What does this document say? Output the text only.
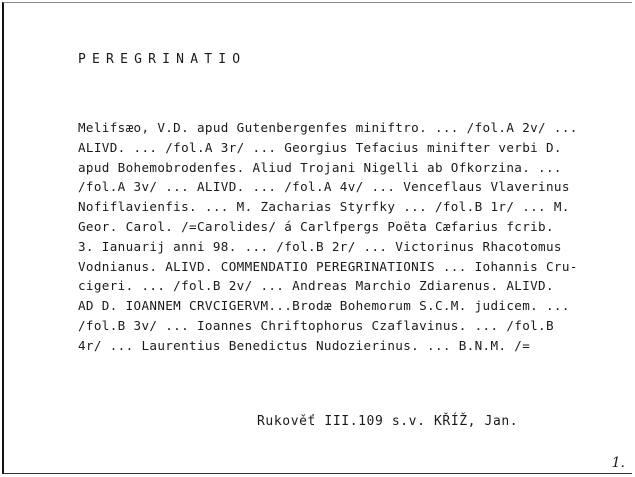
PEREGRINATIO
Melifsæo, V.D. apud Gutenbergenfes miniftro. ... /fol.A 2v/ ...
ALIVD. ... /fol.A 3r/ ... Georgius Tefacius minifter verbi D.
apud Bohemobrodenfes. Aliud Trojani Nigelli ab Ofkorzina. ...
/fol.A 3v/ ... ALIVD. ... /fol.A 4v/ ... Venceflaus Vlaverinus
Nofiflavienfis. ... M. Zacharias Styrfky ... /fol.B 1r/ ... M.
Geor. Carol. /=Carolides/ á Carlfpergs Poëta Cæfarius fcrib.
3. Ianuarij anni 98. ... /fol.B 2r/ ... Victorinus Rhacotomus
Vodnianus. ALIVD. COMMENDATIO PEREGRINATIONIS ... Iohannis Cru-
cigeri. ... /fol.B 2v/ ... Andreas Marchio Zdiarenus. ALIVD.
AD D. IOANNEM CRVCIGERVM...Brodæ Bohemorum S.C.M. judicem. ...
/fol.B 3v/ ... Ioannes Chriftophorus Czaflavinus. ... /fol.B
4r/ ... Laurentius Benedictus Nudozierinus. ... B.N.M. /=
Rukověť III.109 s.v. KŘÍŽ, Jan.
1.
